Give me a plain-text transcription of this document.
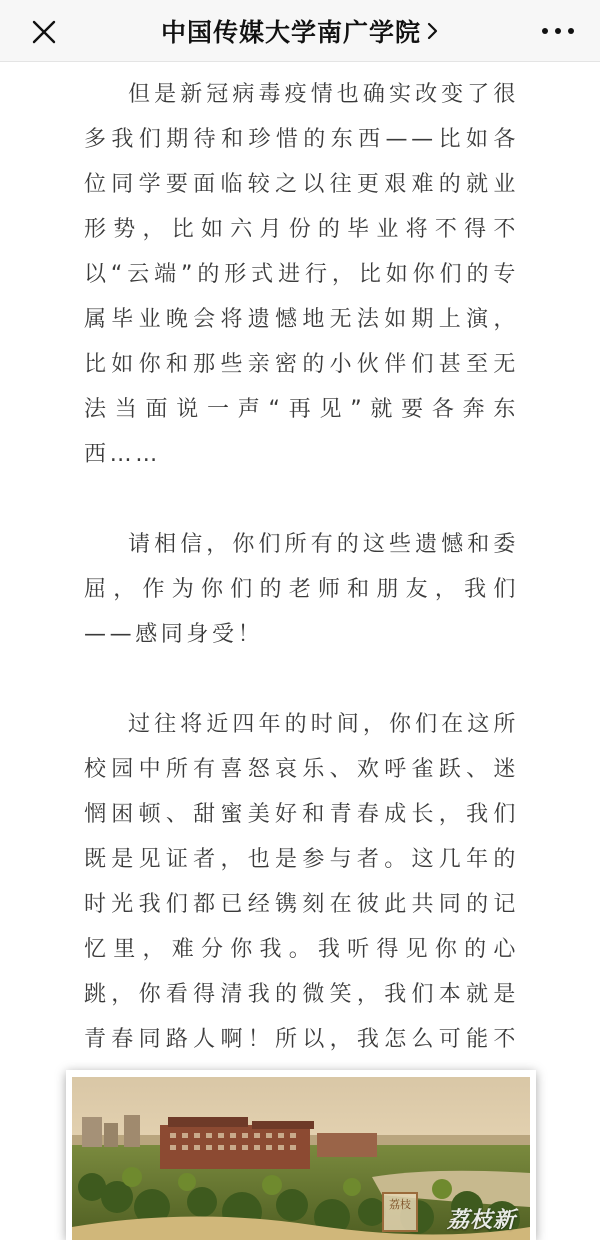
中国传媒大学南广学院

但是新冠病毒疫情也确实改变了很多我们期待和珍惜的东西——比如各位同学要面临较之以往更艰难的就业形势，比如六月份的毕业将不得不以“云端”的形式进行，比如你们的专属毕业晚会将遗憾地无法如期上演，比如你和那些亲密的小伙伴们甚至无法当面说一声“再见”就要各奔东西……

请相信，你们所有的这些遗憾和委屈，作为你们的老师和朋友，我们——感同身受！

过往将近四年的时间，你们在这所校园中所有喜怒哀乐、欢呼雀跃、迷惘困顿、甜蜜美好和青春成长，我们既是见证者，也是参与者。这几年的时光我们都已经镌刻在彼此共同的记忆里，难分你我。我听得见你的心跳，你看得清我的微笑，我们本就是青春同路人啊！所以，我怎么可能不

荔枝
荔枝新
